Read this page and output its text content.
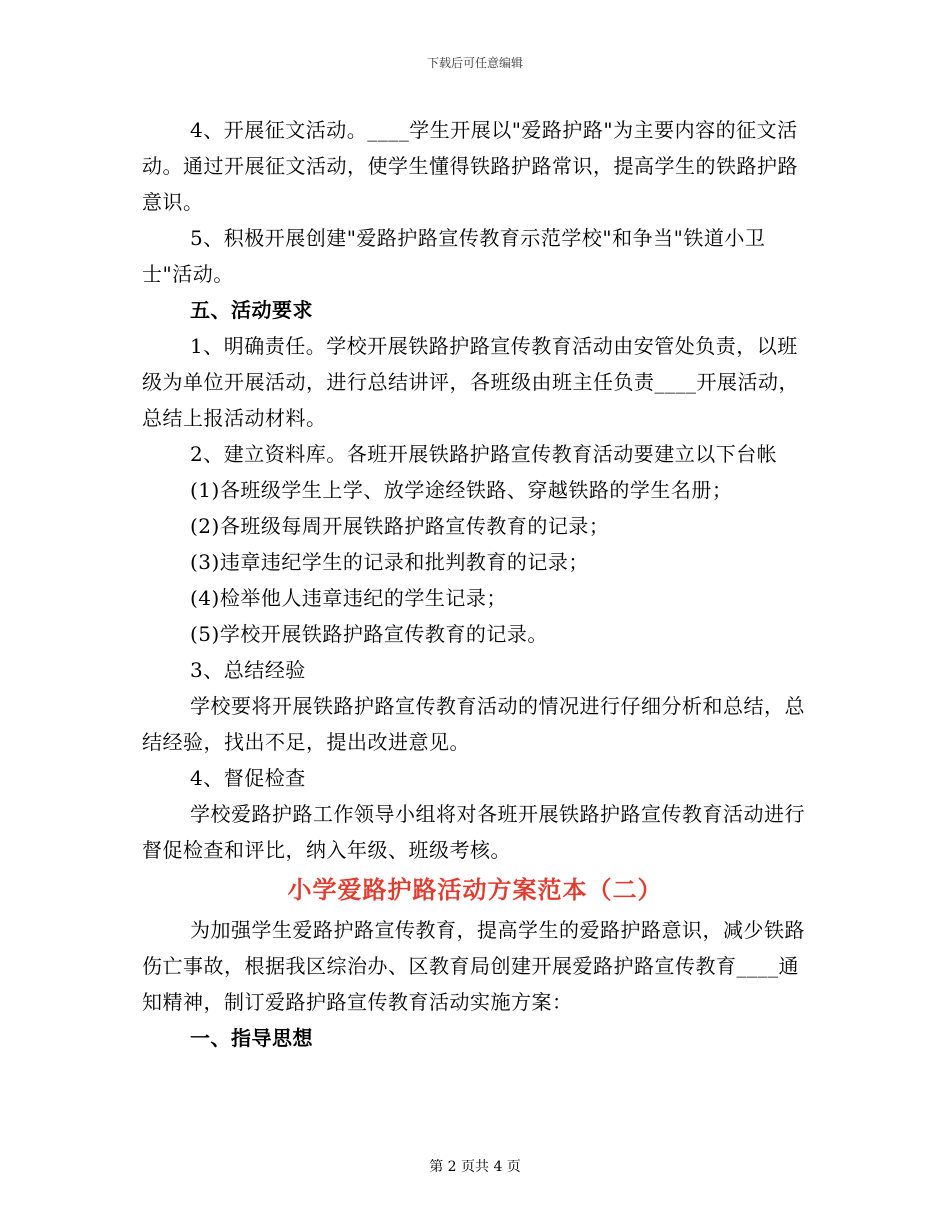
下载后可任意编辑
4、开展征文活动。____学生开展以"爱路护路"为主要内容的征文活动。通过开展征文活动，使学生懂得铁路护路常识，提高学生的铁路护路意识。
5、积极开展创建"爱路护路宣传教育示范学校"和争当"铁道小卫士"活动。
五、活动要求
1、明确责任。学校开展铁路护路宣传教育活动由安管处负责，以班级为单位开展活动，进行总结讲评，各班级由班主任负责____开展活动，总结上报活动材料。
2、建立资料库。各班开展铁路护路宣传教育活动要建立以下台帐
(1)各班级学生上学、放学途经铁路、穿越铁路的学生名册；
(2)各班级每周开展铁路护路宣传教育的记录；
(3)违章违纪学生的记录和批判教育的记录；
(4)检举他人违章违纪的学生记录；
(5)学校开展铁路护路宣传教育的记录。
3、总结经验
学校要将开展铁路护路宣传教育活动的情况进行仔细分析和总结，总结经验，找出不足，提出改进意见。
4、督促检查
学校爱路护路工作领导小组将对各班开展铁路护路宣传教育活动进行督促检查和评比，纳入年级、班级考核。
小学爱路护路活动方案范本（二）
为加强学生爱路护路宣传教育，提高学生的爱路护路意识，减少铁路伤亡事故，根据我区综治办、区教育局创建开展爱路护路宣传教育____通知精神，制订爱路护路宣传教育活动实施方案：
一、指导思想
第 2 页共 4 页
